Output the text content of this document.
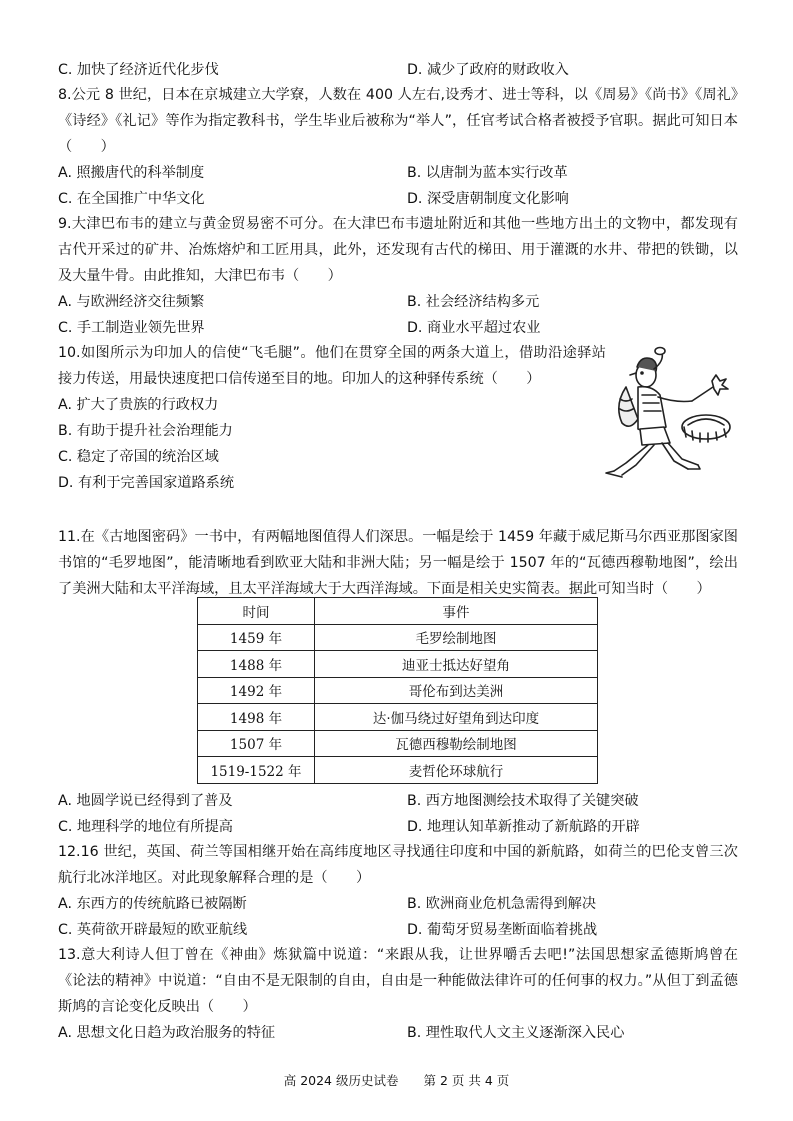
C. 加快了经济近代化步伐	D. 减少了政府的财政收入
8.公元 8 世纪，日本在京城建立大学寮，人数在 400 人左右,设秀才、进士等科，以《周易》《尚书》《周礼》《诗经》《礼记》等作为指定教科书，学生毕业后被称为“举人”，任官考试合格者被授予官职。据此可知日本（　　）
A. 照搬唐代的科举制度	B. 以唐制为蓝本实行改革
C. 在全国推广中华文化	D. 深受唐朝制度文化影响
9.大津巴布韦的建立与黄金贸易密不可分。在大津巴布韦遗址附近和其他一些地方出土的文物中，都发现有古代开采过的矿井、冶炼熔炉和工匠用具，此外，还发现有古代的梯田、用于灌溉的水井、带把的铁锄，以及大量牛骨。由此推知，大津巴布韦（　　）
A. 与欧洲经济交往频繁	B. 社会经济结构多元
C. 手工制造业领先世界	D. 商业水平超过农业
10.如图所示为印加人的信使“飞毛腿”。他们在贯穿全国的两条大道上，借助沿途驿站接力传送，用最快速度把口信传递至目的地。印加人的这种驿传系统（　　）
A. 扩大了贵族的行政权力
B. 有助于提升社会治理能力
C. 稳定了帝国的统治区域
D. 有利于完善国家道路系统
11.在《古地图密码》一书中，有两幅地图值得人们深思。一幅是绘于 1459 年藏于威尼斯马尔西亚那图家图书馆的“毛罗地图”，能清晰地看到欧亚大陆和非洲大陆；另一幅是绘于 1507 年的“瓦德西穆勒地图”，绘出了美洲大陆和太平洋海域，且太平洋海域大于大西洋海域。下面是相关史实简表。据此可知当时（　　）
时间	事件
1459 年	毛罗绘制地图
1488 年	迪亚士抵达好望角
1492 年	哥伦布到达美洲
1498 年	达·伽马绕过好望角到达印度
1507 年	瓦德西穆勒绘制地图
1519-1522 年	麦哲伦环球航行
A. 地圆学说已经得到了普及	B. 西方地图测绘技术取得了关键突破
C. 地理科学的地位有所提高	D. 地理认知革新推动了新航路的开辟
12.16 世纪，英国、荷兰等国相继开始在高纬度地区寻找通往印度和中国的新航路，如荷兰的巴伦支曾三次航行北冰洋地区。对此现象解释合理的是（　　）
A. 东西方的传统航路已被隔断	B. 欧洲商业危机急需得到解决
C. 英荷欲开辟最短的欧亚航线	D. 葡萄牙贸易垄断面临着挑战
13.意大利诗人但丁曾在《神曲》炼狱篇中说道：“来跟从我，让世界嚼舌去吧!”法国思想家孟德斯鸠曾在《论法的精神》中说道：“自由不是无限制的自由，自由是一种能做法律许可的任何事的权力。”从但丁到孟德斯鸠的言论变化反映出（　　）
A. 思想文化日趋为政治服务的特征	B. 理性取代人文主义逐渐深入民心
高 2024 级历史试卷　　第 2 页 共 4 页
